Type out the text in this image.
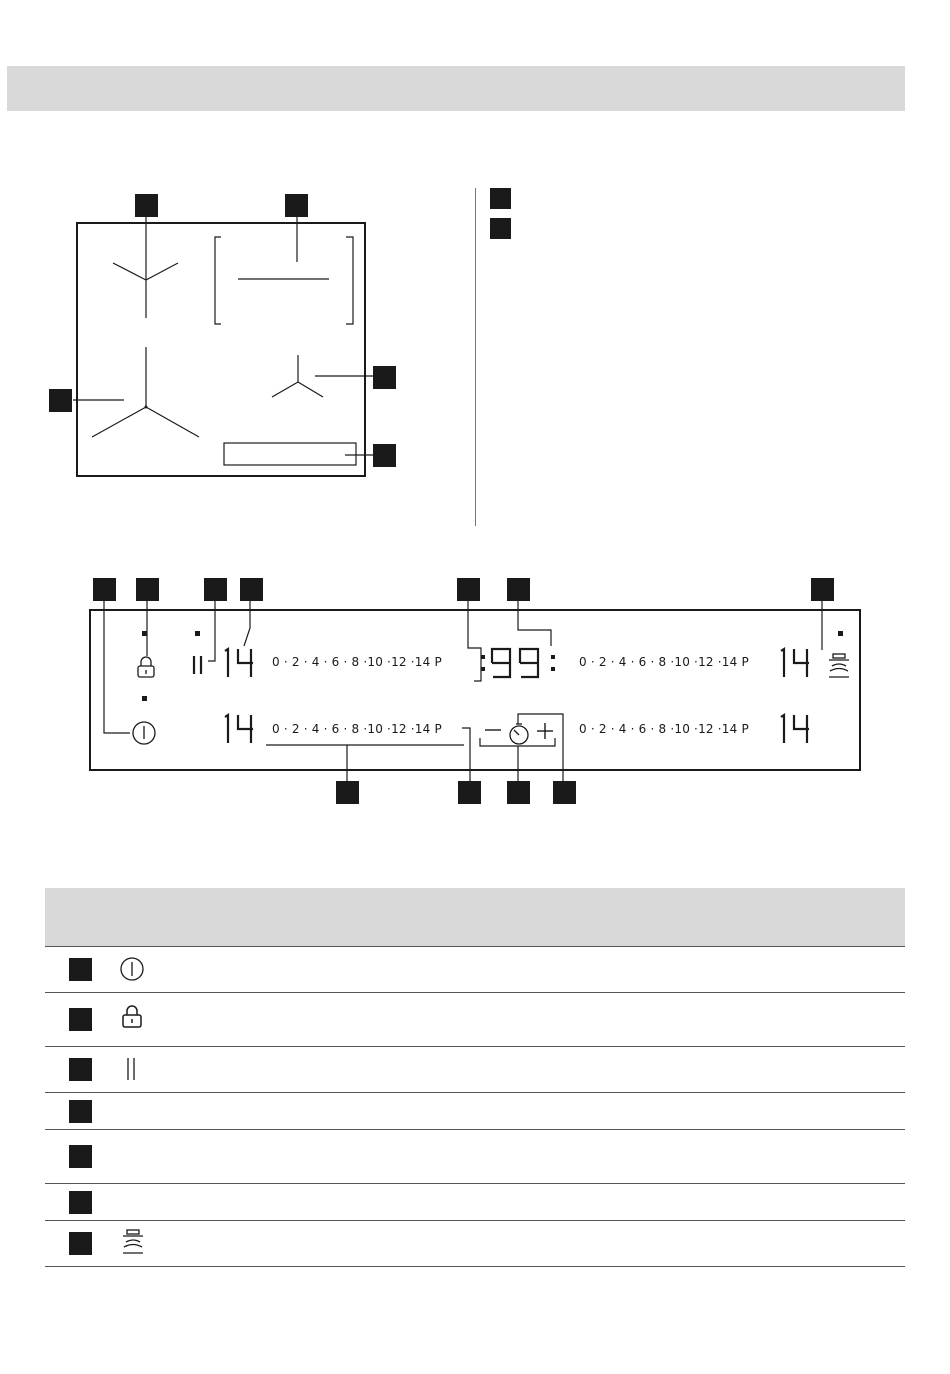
0 · 2 · 4 · 6 · 8 ·10 ·12 ·14 P	0 · 2 · 4 · 6 · 8 ·10 ·12 ·14 P
0 · 2 · 4 · 6 · 8 ·10 ·12 ·14 P	0 · 2 · 4 · 6 · 8 ·10 ·12 ·14 P
